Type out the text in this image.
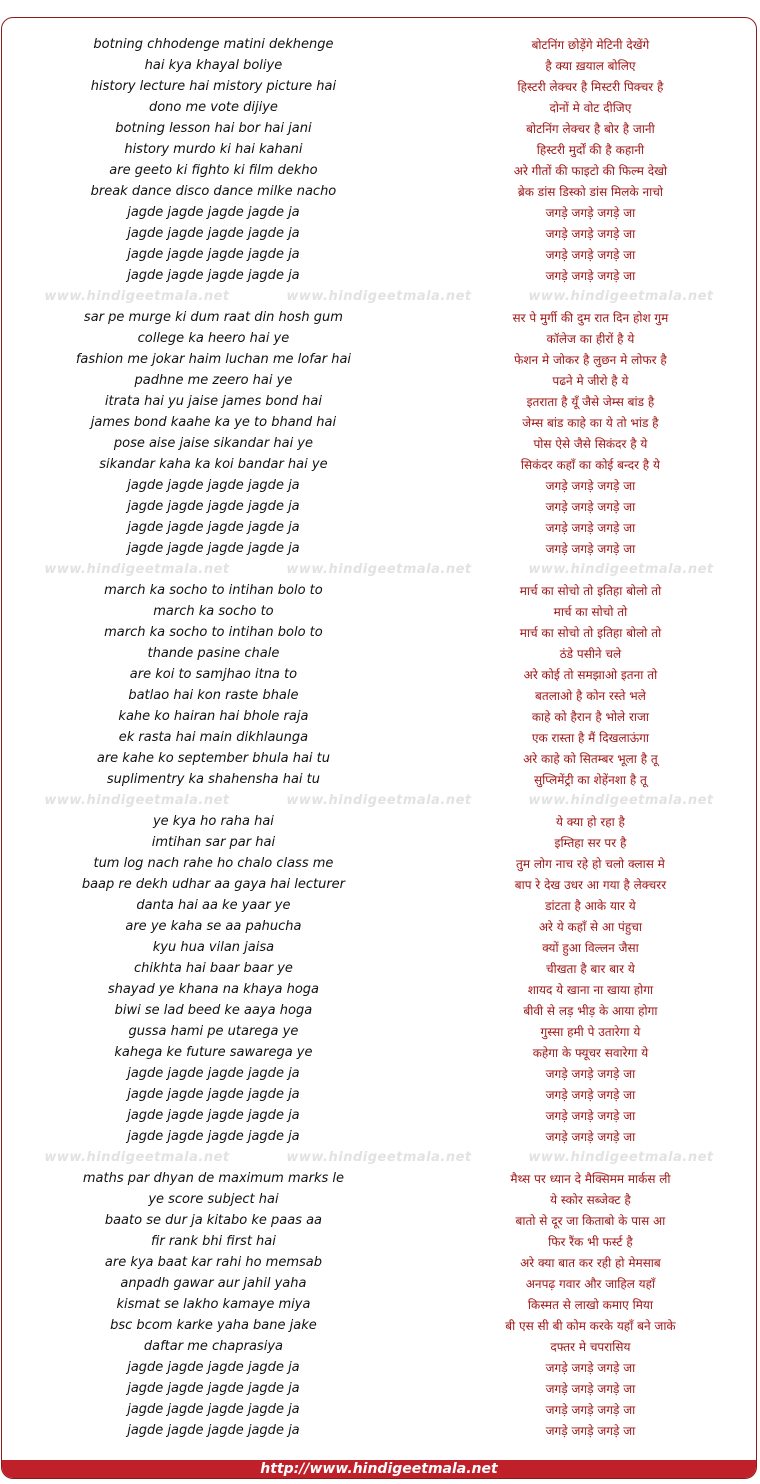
botning chhodenge matini dekhenge	बोटनिंग छोड़ेंगे मेटिनी देखेंगे
hai kya khayal boliye	है क्या ख़याल बोलिए
history lecture hai mistory picture hai	हिस्टरी लेक्चर है मिस्टरी पिक्चर है
dono me vote dijiye	दोनों मे वोट दीजिए
botning lesson hai bor hai jani	बोटनिंग लेक्चर है बोर है जानी
history murdo ki hai kahani	हिस्टरी मुर्दों की है कहानी
are geeto ki fighto ki film dekho	अरे गीतों की फाइटो की फिल्म देखो
break dance disco dance milke nacho	ब्रेक डांस डिस्को डांस मिलके नाचो
jagde jagde jagde jagde ja	जगड़े जगड़े जगड़े जा
jagde jagde jagde jagde ja	जगड़े जगड़े जगड़े जा
jagde jagde jagde jagde ja	जगड़े जगड़े जगड़े जा
jagde jagde jagde jagde ja	जगड़े जगड़े जगड़े जा
www.hindigeetmala.net	www.hindigeetmala.net	www.hindigeetmala.net
sar pe murge ki dum raat din hosh gum	सर पे मुर्गी की दुम रात दिन होश गुम
college ka heero hai ye	कॉलेज का हीरों है ये
fashion me jokar haim luchan me lofar hai	फेशन मे जोकर है लुछन मे लोफर है
padhne me zeero hai ye	पढने मे जीरो है ये
itrata hai yu jaise james bond hai	इतराता है यूँ जैसे जेम्स बांड है
james bond kaahe ka ye to bhand hai	जेम्स बांड काहे का ये तो भांड है
pose aise jaise sikandar hai ye	पोस ऐसे जैसे सिकंदर है ये
sikandar kaha ka koi bandar hai ye	सिकंदर कहाँ का कोई बन्दर है ये
jagde jagde jagde jagde ja	जगड़े जगड़े जगड़े जा
jagde jagde jagde jagde ja	जगड़े जगड़े जगड़े जा
jagde jagde jagde jagde ja	जगड़े जगड़े जगड़े जा
jagde jagde jagde jagde ja	जगड़े जगड़े जगड़े जा
www.hindigeetmala.net	www.hindigeetmala.net	www.hindigeetmala.net
march ka socho to intihan bolo to	मार्च का सोचो तो इतिहा बोलो तो
march ka socho to	मार्च का सोचो तो
march ka socho to intihan bolo to	मार्च का सोचो तो इतिहा बोलो तो
thande pasine chale	ठंडे पसीने चले
are koi to samjhao itna to	अरे कोई तो समझाओ इतना तो
batlao hai kon raste bhale	बतलाओ है कोन रस्ते भले
kahe ko hairan hai bhole raja	काहे को हैरान है भोले राजा
ek rasta hai main dikhlaunga	एक रास्ता है मैं दिखलाऊंगा
are kahe ko september bhula hai tu	अरे काहे को सितम्बर भूला है तू
suplimentry ka shahensha hai tu	सुप्लिमेंट्री का शेहेंनशा है तू
www.hindigeetmala.net	www.hindigeetmala.net	www.hindigeetmala.net
ye kya ho raha hai	ये क्या हो रहा है
imtihan sar par hai	इम्तिहा सर पर है
tum log nach rahe ho chalo class me	तुम लोग नाच रहे हो चलो क्लास मे
baap re dekh udhar aa gaya hai lecturer	बाप रे देख उधर आ गया है लेक्चरर
danta hai aa ke yaar ye	डांटता है आके यार ये
are ye kaha se aa pahucha	अरे ये कहाँ से आ पंहुचा
kyu hua vilan jaisa	क्यों हुआ विल्लन जैसा
chikhta hai baar baar ye	चीखता है बार बार ये
shayad ye khana na khaya hoga	शायद ये खाना ना खाया होगा
biwi se lad beed ke aaya hoga	बीवी से लड़ भीड़ के आया होगा
gussa hami pe utarega ye	गुस्सा हमी पे उतारेगा ये
kahega ke future sawarega ye	कहेगा के फ्यूचर सवारेगा ये
jagde jagde jagde jagde ja	जगड़े जगड़े जगड़े जा
jagde jagde jagde jagde ja	जगड़े जगड़े जगड़े जा
jagde jagde jagde jagde ja	जगड़े जगड़े जगड़े जा
jagde jagde jagde jagde ja	जगड़े जगड़े जगड़े जा
www.hindigeetmala.net	www.hindigeetmala.net	www.hindigeetmala.net
maths par dhyan de maximum marks le	मैथ्स पर ध्यान दे मैक्सिमम मार्कस ली
ye score subject hai	ये स्कोर सब्जेक्ट है
baato se dur ja kitabo ke paas aa	बातो से दूर जा किताबो के पास आ
fir rank bhi first hai	फिर रैंक भी फर्स्ट है
are kya baat kar rahi ho memsab	अरे क्या बात कर रही हो मेमसाब
anpadh gawar aur jahil yaha	अनपढ़ गवार और जाहिल यहाँ
kismat se lakho kamaye miya	किस्मत से लाखो कमाए मिया
bsc bcom karke yaha bane jake	बी एस सी बी कोम करके यहाँ बने जाके
daftar me chaprasiya	दफ्तर मे चपरासिय
jagde jagde jagde jagde ja	जगड़े जगड़े जगड़े जा
jagde jagde jagde jagde ja	जगड़े जगड़े जगड़े जा
jagde jagde jagde jagde ja	जगड़े जगड़े जगड़े जा
jagde jagde jagde jagde ja	जगड़े जगड़े जगड़े जा
http://www.hindigeetmala.net
